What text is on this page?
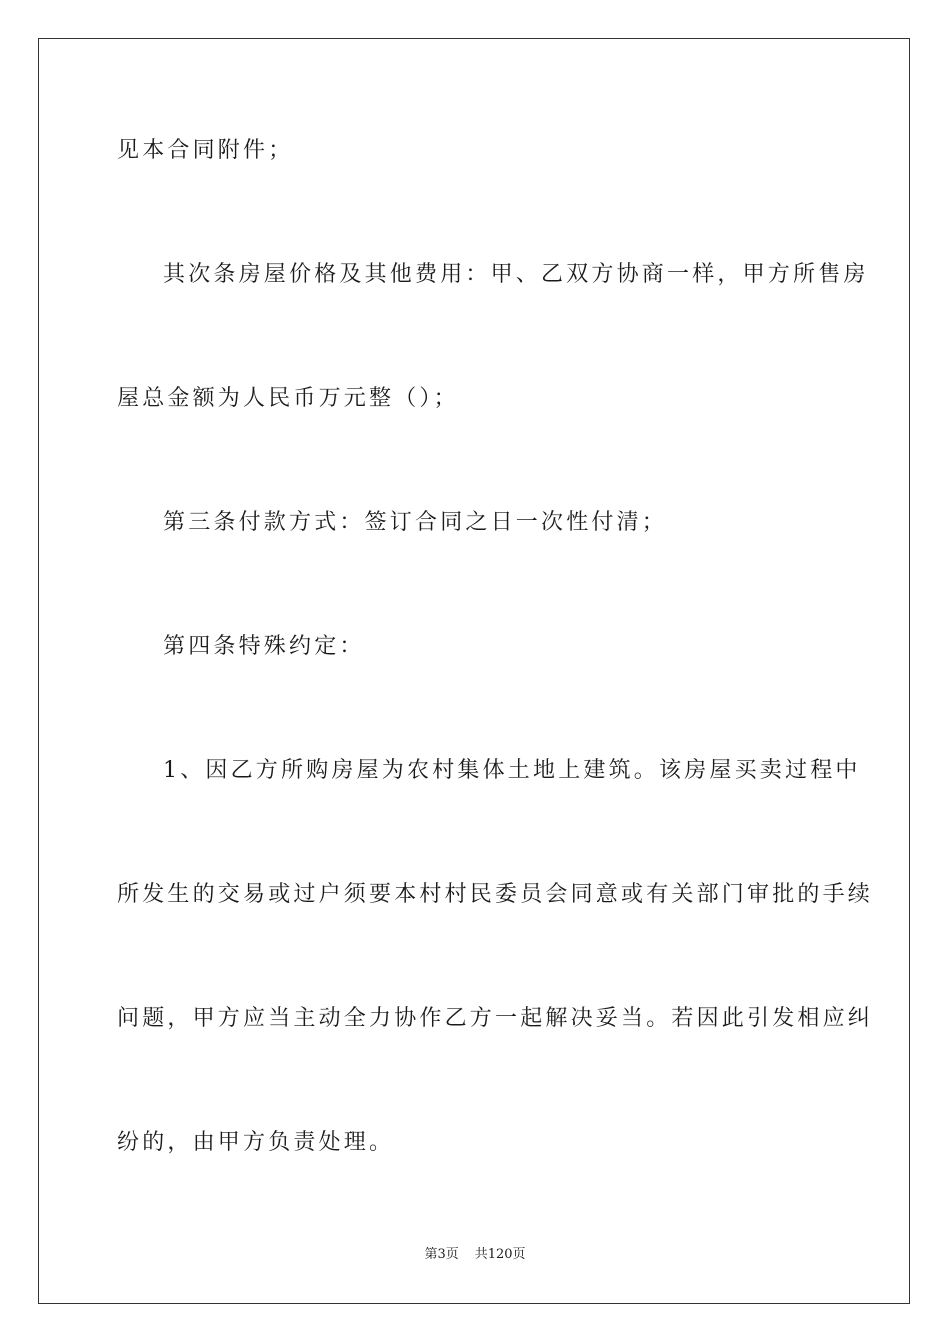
见本合同附件；
其次条房屋价格及其他费用：甲、乙双方协商一样，甲方所售房
屋总金额为人民币万元整（）；
第三条付款方式：签订合同之日一次性付清；
第四条特殊约定：
1、因乙方所购房屋为农村集体土地上建筑。该房屋买卖过程中
所发生的交易或过户须要本村村民委员会同意或有关部门审批的手续
问题，甲方应当主动全力协作乙方一起解决妥当。若因此引发相应纠
纷的，由甲方负责处理。
第3页 共120页
